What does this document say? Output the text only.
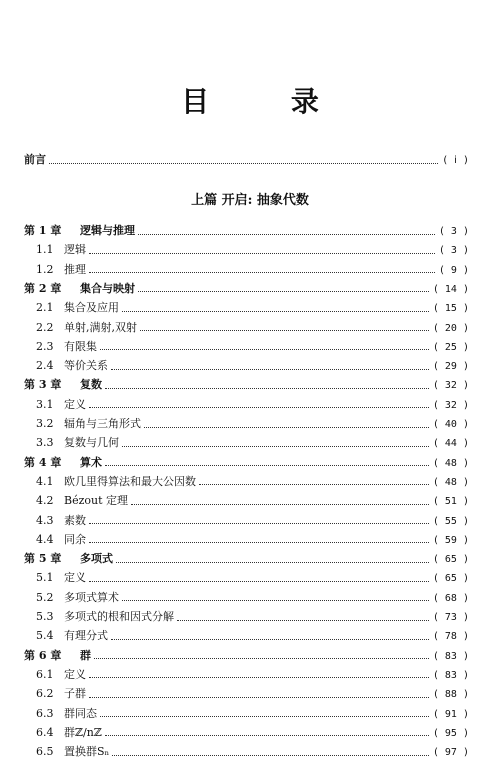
目 录
前言	( ⅰ )
上篇 开启: 抽象代数
第 1 章	逻辑与推理	( 3 )
1.1 逻辑	( 3 )
1.2 推理	( 9 )
第 2 章	集合与映射	( 14 )
2.1 集合及应用	( 15 )
2.2 单射,满射,双射	( 20 )
2.3 有限集	( 25 )
2.4 等价关系	( 29 )
第 3 章	复数	( 32 )
3.1 定义	( 32 )
3.2 辐角与三角形式	( 40 )
3.3 复数与几何	( 44 )
第 4 章	算术	( 48 )
4.1 欧几里得算法和最大公因数	( 48 )
4.2 Bézout 定理	( 51 )
4.3 素数	( 55 )
4.4 同余	( 59 )
第 5 章	多项式	( 65 )
5.1 定义	( 65 )
5.2 多项式算术	( 68 )
5.3 多项式的根和因式分解	( 73 )
5.4 有理分式	( 78 )
第 6 章	群	( 83 )
6.1 定义	( 83 )
6.2 子群	( 88 )
6.3 群同态	( 91 )
6.4 群ℤ/nℤ	( 95 )
6.5 置换群Sₙ	( 97 )
